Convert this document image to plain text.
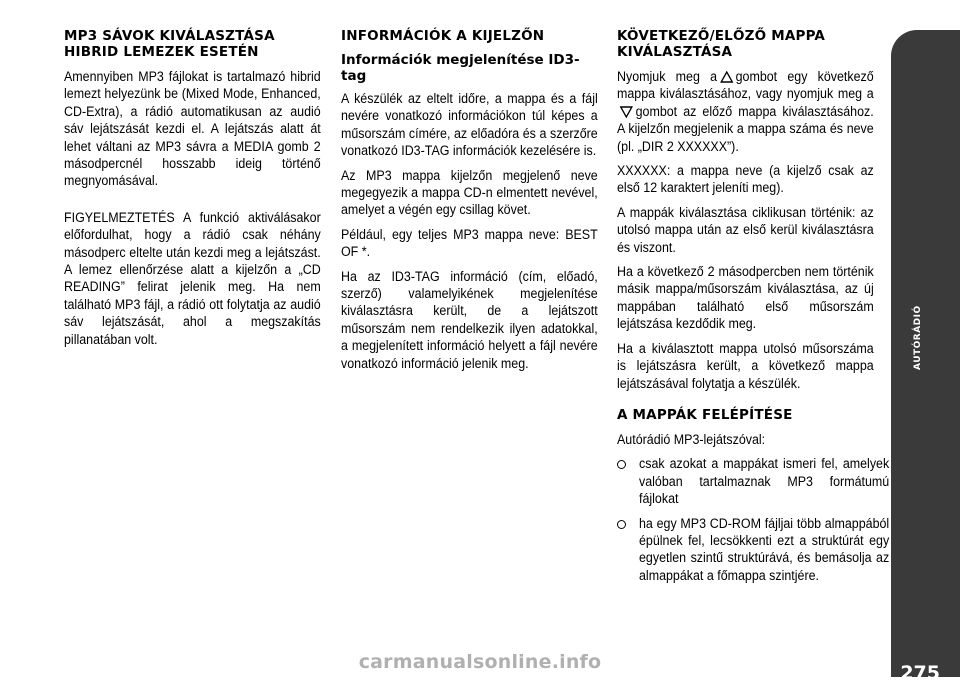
MP3 SÁVOK KIVÁLASZTÁSA HIBRID LEMEZEK ESETÉN

Amennyiben MP3 fájlokat is tartalmazó hibrid lemezt helyezünk be (Mixed Mode, Enhanced, CD-Extra), a rádió automatikusan az audió sáv lejátszását kezdi el. A lejátszás alatt át lehet váltani az MP3 sávra a MEDIA gomb 2 másodpercnél hosszabb ideig történő megnyomásával.

FIGYELMEZTETÉS A funkció aktiválásakor előfordulhat, hogy a rádió csak néhány másodperc eltelte után kezdi meg a lejátszást. A lemez ellenőrzése alatt a kijelzőn a „CD READING” felirat jelenik meg. Ha nem található MP3 fájl, a rádió ott folytatja az audió sáv lejátszását, ahol a megszakítás pillanatában volt.

INFORMÁCIÓK A KIJELZŐN
Információk megjelenítése ID3-tag

A készülék az eltelt időre, a mappa és a fájl nevére vonatkozó információkon túl képes a műsorszám címére, az előadóra és a szerzőre vonatkozó ID3-TAG információk kezelésére is.

Az MP3 mappa kijelzőn megjelenő neve megegyezik a mappa CD-n elmentett nevével, amelyet a végén egy csillag követ.

Például, egy teljes MP3 mappa neve: BEST OF *.

Ha az ID3-TAG információ (cím, előadó, szerző) valamelyikének megjelenítése kiválasztásra került, de a lejátszott műsorszám nem rendelkezik ilyen adatokkal, a megjelenített információ helyett a fájl nevére vonatkozó információ jelenik meg.

KÖVETKEZŐ/ELŐZŐ MAPPA KIVÁLASZTÁSA

Nyomjuk meg a gombot egy következő mappa kiválasztásához, vagy nyomjuk meg agombot az előző mappa kiválasztásához. A kijelzőn megjelenik a mappa száma és neve (pl. „DIR 2 XXXXXX”).

XXXXXX: a mappa neve (a kijelző csak az első 12 karaktert jeleníti meg).

A mappák kiválasztása ciklikusan történik: az utolsó mappa után az első kerül kiválasztásra és viszont.

Ha a következő 2 másodpercben nem történik másik mappa/műsorszám kiválasztása, az új mappában található első műsorszám lejátszása kezdődik meg.

Ha a kiválasztott mappa utolsó műsorszáma is lejátszásra került, a következő mappa lejátszásával folytatja a készülék.

A MAPPÁK FELÉPÍTÉSE

Autórádió MP3-lejátszóval:

csak azokat a mappákat ismeri fel, amelyek valóban tartalmaznak MP3 formátumú fájlokat

ha egy MP3 CD-ROM fájljai több almappából épülnek fel, lecsökkenti ezt a struktúrát egy egyetlen szintű struktúrává, és bemásolja az almappákat a főmappa szintjére.

AUTÓRÁDIÓ
275
carmanualsonline.info
